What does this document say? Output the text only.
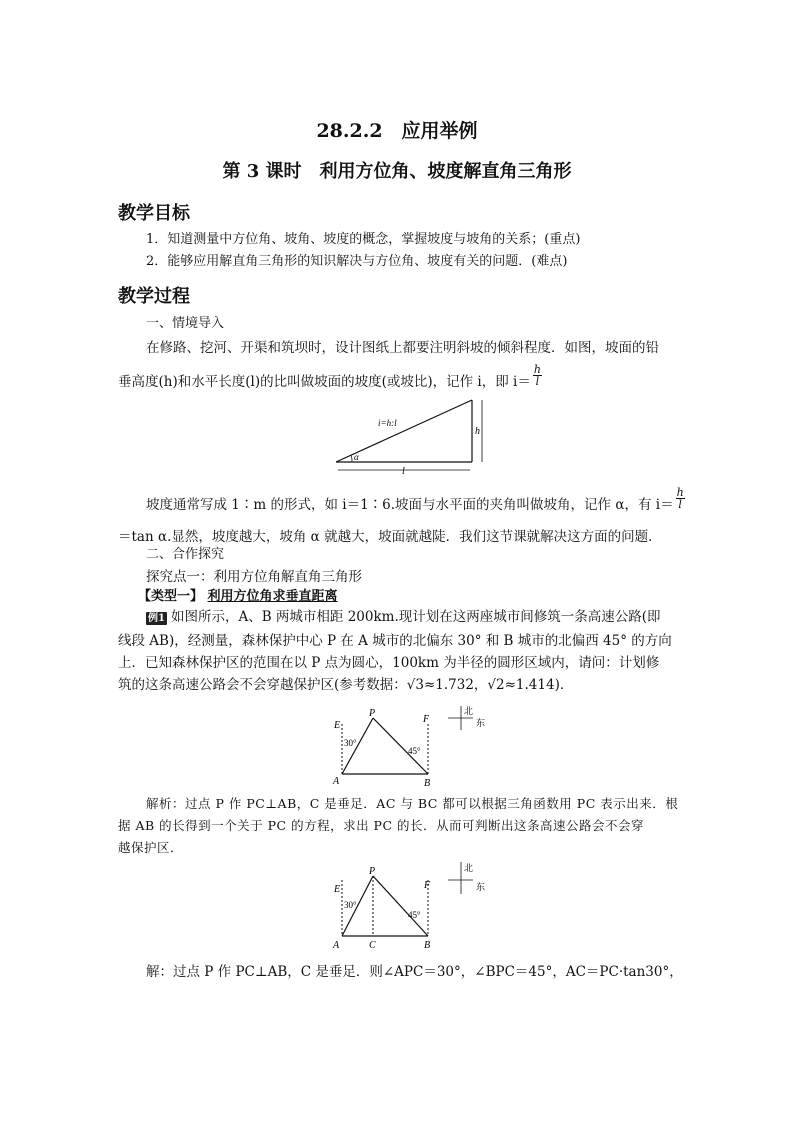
28.2.2　应用举例
第 3 课时　利用方位角、坡度解直角三角形
教学目标
1．知道测量中方位角、坡角、坡度的概念，掌握坡度与坡角的关系；(重点)
2．能够应用解直角三角形的知识解决与方位角、坡度有关的问题．(难点)
教学过程
一、情境导入
在修路、挖河、开渠和筑坝时，设计图纸上都要注明斜坡的倾斜程度．如图，坡面的铅
垂高度(h)和水平长度(l)的比叫做坡面的坡度(或坡比)，记作 i，即 $i= \frac{h}{l}$
i=h:l
h
l
α
坡度通常写成 1∶m 的形式，如 i＝1∶6.坡面与水平面的夹角叫做坡角，记作 α，有 $i= \frac{h}{l}$
＝tan α.显然，坡度越大，坡角 α 就越大，坡面就越陡．我们这节课就解决这方面的问题．
二、合作探究
探究点一：利用方位角解直角三角形
【类型一】 利用方位角求垂直距离
例1 如图所示，A、B 两城市相距 200km.现计划在这两座城市间修筑一条高速公路(即
线段 AB)，经测量，森林保护中心 P 在 A 城市的北偏东 30° 和 B 城市的北偏西 45° 的方向
上．已知森林保护区的范围在以 P 点为圆心，100km 为半径的圆形区域内，请问：计划修
筑的这条高速公路会不会穿越保护区(参考数据：√3≈1.732，√2≈1.414)．
E
P
F
A	B
30°
45°
北
东
解析：过点 P 作 PC⊥AB，C 是垂足．AC 与 BC 都可以根据三角函数用 PC 表示出来．根
据 AB 的长得到一个关于 PC 的方程，求出 PC 的长．从而可判断出这条高速公路会不会穿
越保护区．
E
P
F
A	C	B
30°
45°
北
东
解：过点 P 作 PC⊥AB，C 是垂足．则∠APC＝30°，∠BPC＝45°，AC＝PC·tan30°，
